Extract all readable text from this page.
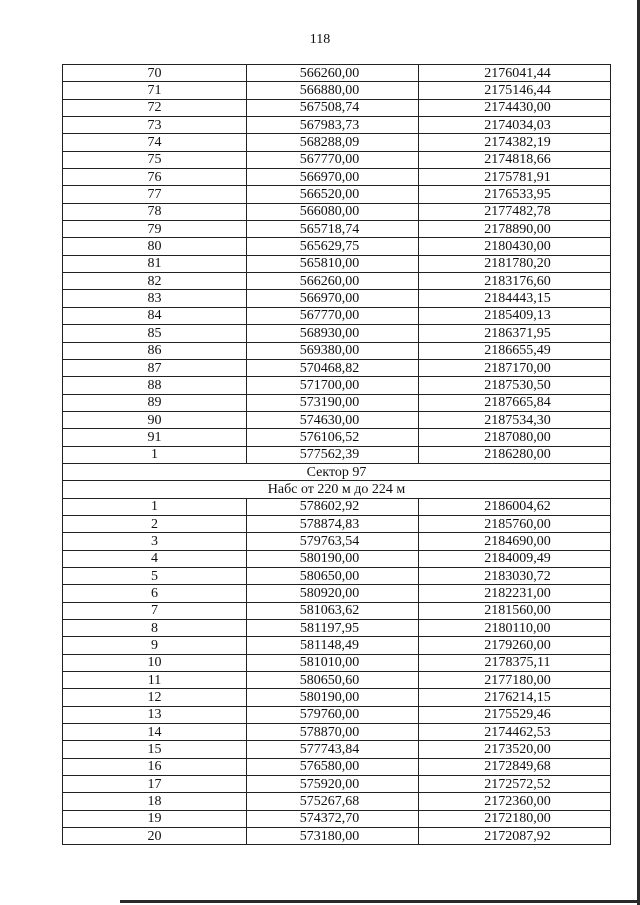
118
70	566260,00	2176041,44
71	566880,00	2175146,44
72	567508,74	2174430,00
73	567983,73	2174034,03
74	568288,09	2174382,19
75	567770,00	2174818,66
76	566970,00	2175781,91
77	566520,00	2176533,95
78	566080,00	2177482,78
79	565718,74	2178890,00
80	565629,75	2180430,00
81	565810,00	2181780,20
82	566260,00	2183176,60
83	566970,00	2184443,15
84	567770,00	2185409,13
85	568930,00	2186371,95
86	569380,00	2186655,49
87	570468,82	2187170,00
88	571700,00	2187530,50
89	573190,00	2187665,84
90	574630,00	2187534,30
91	576106,52	2187080,00
1	577562,39	2186280,00
Сектор 97		
Набс от 220 м до 224 м		
1	578602,92	2186004,62
2	578874,83	2185760,00
3	579763,54	2184690,00
4	580190,00	2184009,49
5	580650,00	2183030,72
6	580920,00	2182231,00
7	581063,62	2181560,00
8	581197,95	2180110,00
9	581148,49	2179260,00
10	581010,00	2178375,11
11	580650,60	2177180,00
12	580190,00	2176214,15
13	579760,00	2175529,46
14	578870,00	2174462,53
15	577743,84	2173520,00
16	576580,00	2172849,68
17	575920,00	2172572,52
18	575267,68	2172360,00
19	574372,70	2172180,00
20	573180,00	2172087,92
